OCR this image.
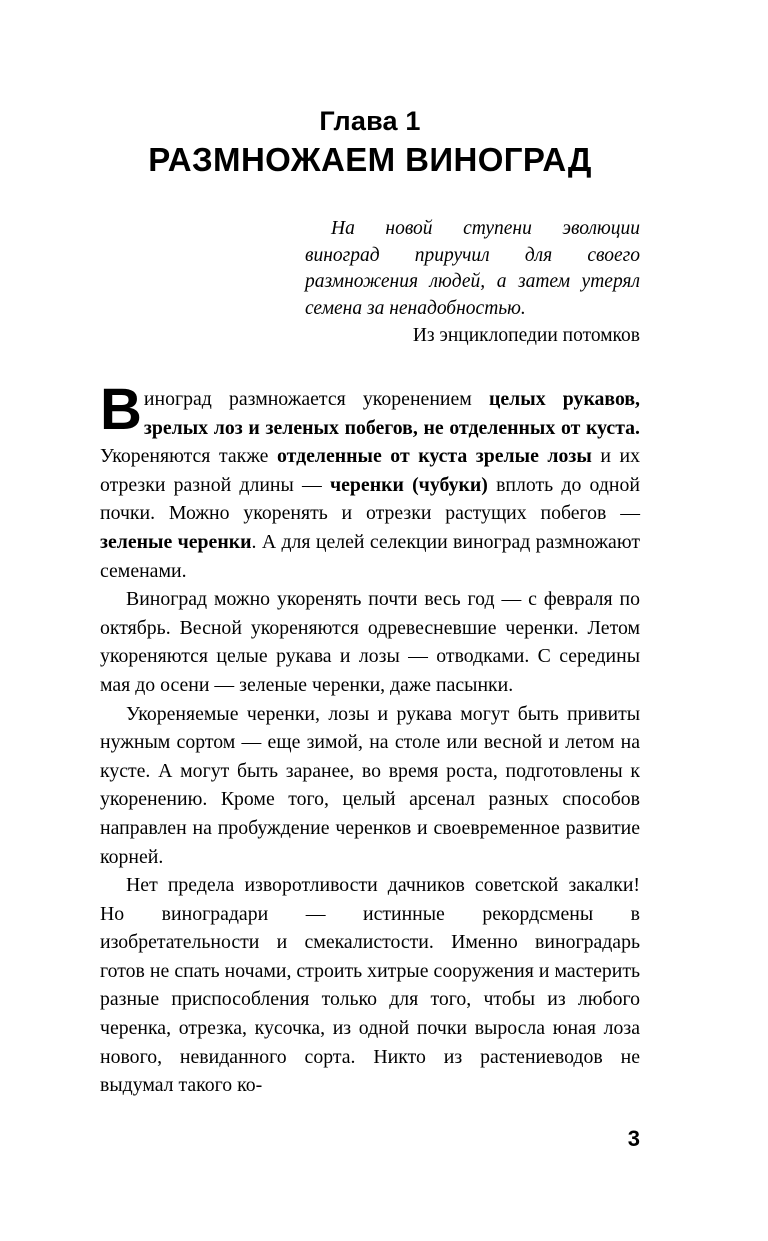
Глава 1
РАЗМНОЖАЕМ ВИНОГРАД
На новой ступени эволюции виноград приручил для своего размножения людей, а затем утерял семена за ненадобностью.
Из энциклопедии потомков

Виноград размножается укоренением целых рукавов, зрелых лоз и зеленых побегов, не отделенных от куста. Укореняются также отделенные от куста зрелые лозы и их отрезки разной длины — черенки (чубуки) вплоть до одной почки. Можно укоренять и отрезки растущих побегов — зеленые черенки. А для целей селекции виноград размножают семенами.

Виноград можно укоренять почти весь год — с февраля по октябрь. Весной укореняются одревесневшие черенки. Летом укореняются целые рукава и лозы — отводками. С середины мая до осени — зеленые черенки, даже пасынки.

Укореняемые черенки, лозы и рукава могут быть привиты нужным сортом — еще зимой, на столе или весной и летом на кусте. А могут быть заранее, во время роста, подготовлены к укоренению. Кроме того, целый арсенал разных способов направлен на пробуждение черенков и своевременное развитие корней.

Нет предела изворотливости дачников советской закалки! Но виноградари — истинные рекордсмены в изобретательности и смекалистости. Именно виноградарь готов не спать ночами, строить хитрые сооружения и мастерить разные приспособления только для того, чтобы из любого черенка, отрезка, кусочка, из одной почки выросла юная лоза нового, невиданного сорта. Никто из растениеводов не выдумал такого ко-

3
